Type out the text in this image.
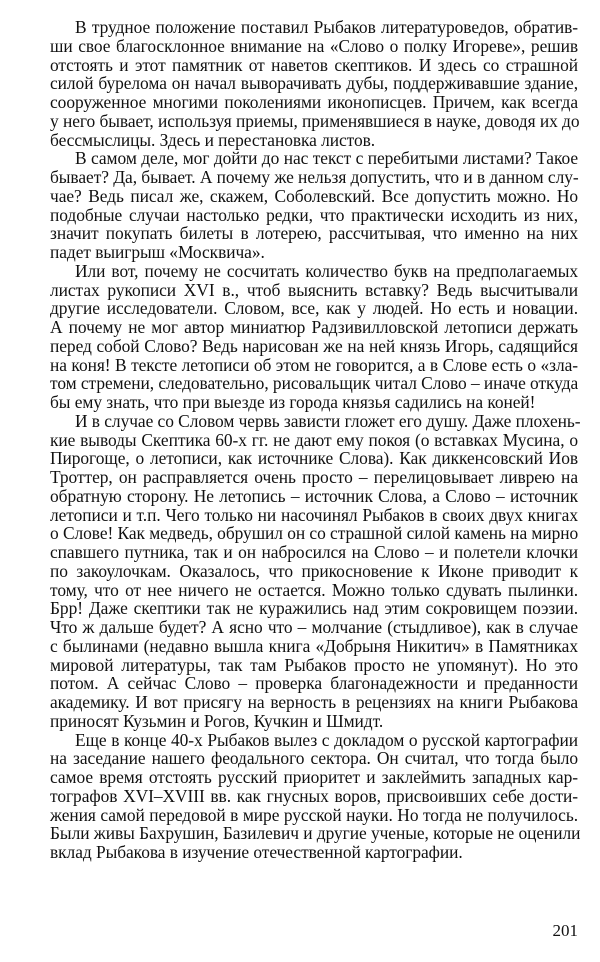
В трудное положение поставил Рыбаков литературоведов, обратив-
ши свое благосклонное внимание на «Слово о полку Игореве», решив
отстоять и этот памятник от наветов скептиков. И здесь со страшной
силой бурелома он начал выворачивать дубы, поддерживавшие здание,
сооруженное многими поколениями иконописцев. Причем, как всегда
у него бывает, используя приемы, применявшиеся в науке, доводя их до
бессмыслицы. Здесь и перестановка листов.

В самом деле, мог дойти до нас текст с перебитыми листами? Такое
бывает? Да, бывает. А почему же нельзя допустить, что и в данном слу-
чае? Ведь писал же, скажем, Соболевский. Все допустить можно. Но
подобные случаи настолько редки, что практически исходить из них,
значит покупать билеты в лотерею, рассчитывая, что именно на них
падет выигрыш «Москвича».

Или вот, почему не сосчитать количество букв на предполагаемых
листах рукописи XVI в., чтоб выяснить вставку? Ведь высчитывали
другие исследователи. Словом, все, как у людей. Но есть и новации.
А почему не мог автор миниатюр Радзивилловской летописи держать
перед собой Слово? Ведь нарисован же на ней князь Игорь, садящийся
на коня! В тексте летописи об этом не говорится, а в Слове есть о «зла-
том стремени, следовательно, рисовальщик читал Слово – иначе откуда
бы ему знать, что при выезде из города князья садились на коней!

И в случае со Словом червь зависти гложет его душу. Даже плохень-
кие выводы Скептика 60-х гг. не дают ему покоя (о вставках Мусина, о
Пирогоще, о летописи, как источнике Слова). Как диккенсовский Иов
Троттер, он расправляется очень просто – перелицовывает ливрею на
обратную сторону. Не летопись – источник Слова, а Слово – источник
летописи и т.п. Чего только ни насочинял Рыбаков в своих двух книгах
о Слове! Как медведь, обрушил он со страшной силой камень на мирно
спавшего путника, так и он набросился на Слово – и полетели клочки
по закоулочкам. Оказалось, что прикосновение к Иконе приводит к
тому, что от нее ничего не остается. Можно только сдувать пылинки.
Брр! Даже скептики так не куражились над этим сокровищем поэзии.
Что ж дальше будет? А ясно что – молчание (стыдливое), как в случае
с былинами (недавно вышла книга «Добрыня Никитич» в Памятниках
мировой литературы, так там Рыбаков просто не упомянут). Но это
потом. А сейчас Слово – проверка благонадежности и преданности
академику. И вот присягу на верность в рецензиях на книги Рыбакова
приносят Кузьмин и Рогов, Кучкин и Шмидт.

Еще в конце 40-х Рыбаков вылез с докладом о русской картографии
на заседание нашего феодального сектора. Он считал, что тогда было
самое время отстоять русский приоритет и заклеймить западных кар-
тографов XVI–XVIII вв. как гнусных воров, присвоивших себе дости-
жения самой передовой в мире русской науки. Но тогда не получилось.
Были живы Бахрушин, Базилевич и другие ученые, которые не оценили
вклад Рыбакова в изучение отечественной картографии.

201
